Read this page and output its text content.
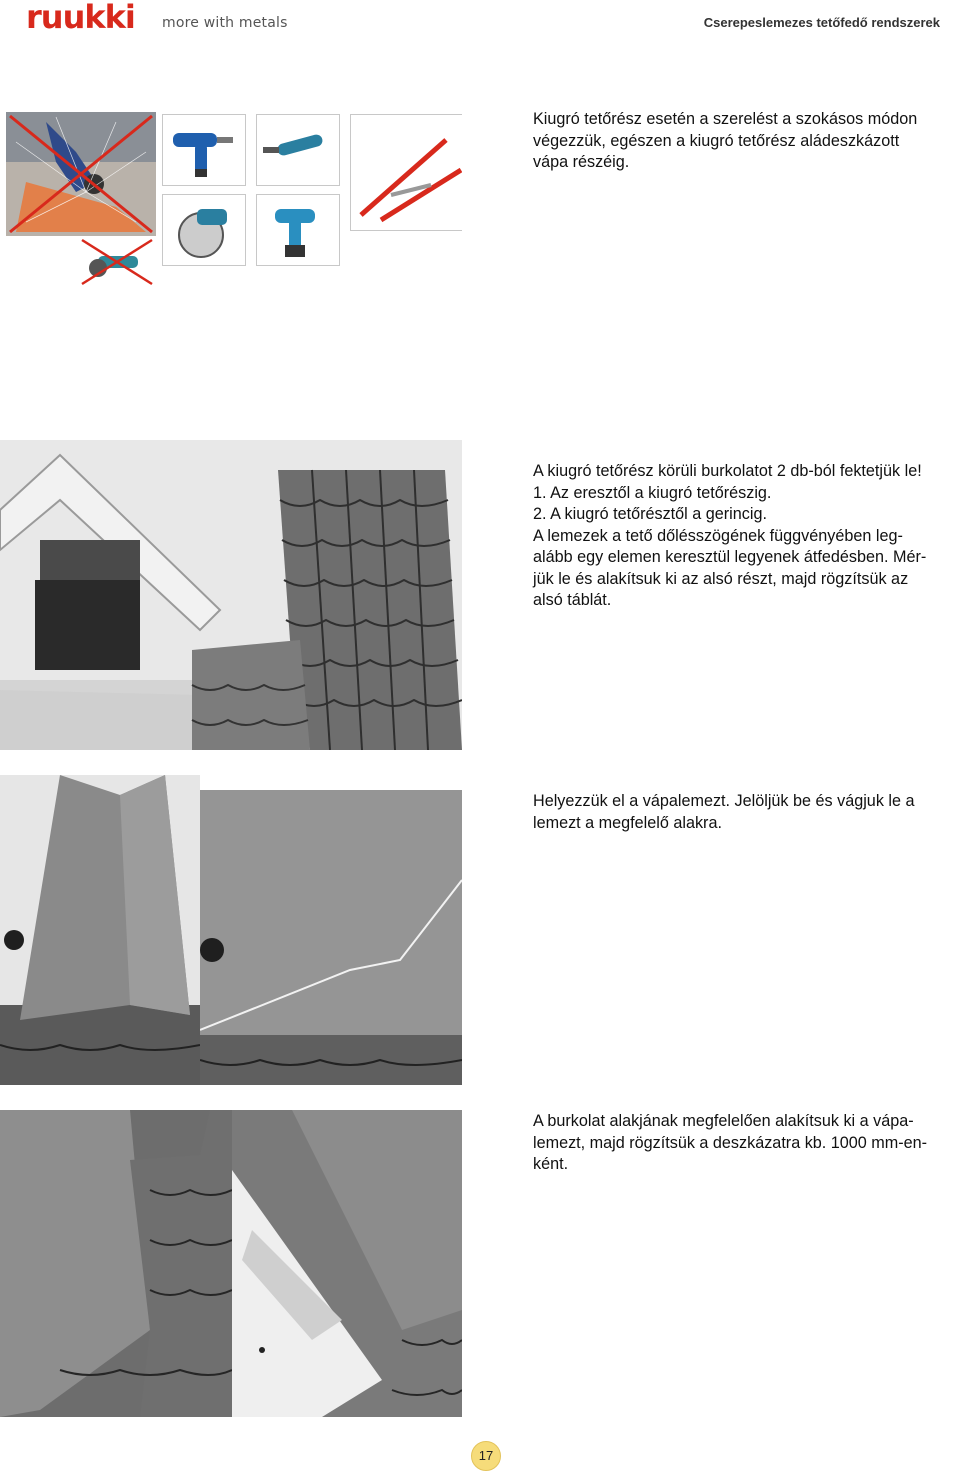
ruukki more with metals	Cserepeslemezes tetőfedő rendszerek

Kiugró tetőrész esetén a szerelést a szokásos módon

végezzük, egészen a kiugró tetőrész aládeszkázott

vápa részéig.

A kiugró tetőrész körüli burkolatot 2 db-ból fektetjük le!

1. Az eresztől a kiugró tetőrészig.

2. A kiugró tetőrésztől a gerincig.

A lemezek a tető dőlésszögének függvényében leg-

alább egy elemen keresztül legyenek átfedésben. Mér-

jük le és alakítsuk ki az alsó részt, majd rögzítsük az

alsó táblát.

Helyezzük el a vápalemezt. Jelöljük be és vágjuk le a

lemezt a megfelelő alakra.

A burkolat alakjának megfelelően alakítsuk ki a vápa-

lemezt, majd rögzítsük a deszkázatra kb. 1000 mm-en-

ként.

17
